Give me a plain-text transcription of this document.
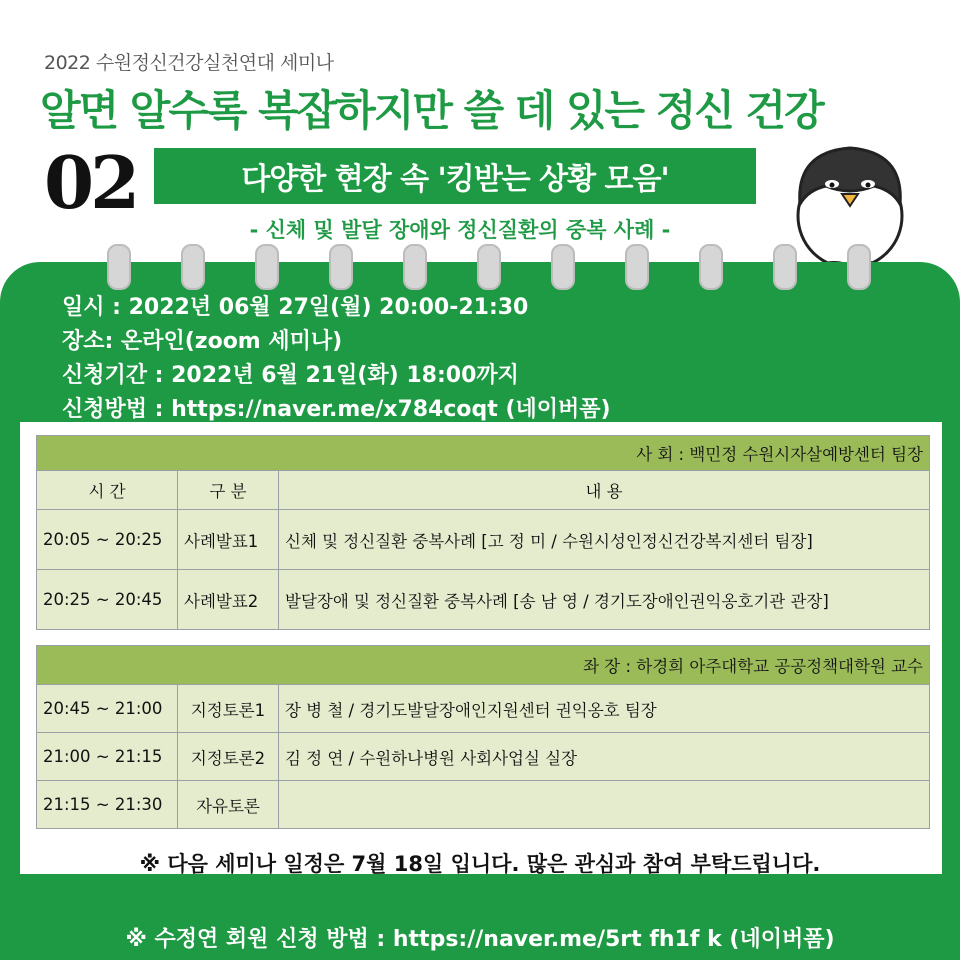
2022 수원정신건강실천연대 세미나
알면 알수록 복잡하지만 쓸 데 있는 정신 건강
02	다양한 현장 속 '킹받는 상황 모음'
- 신체 및 발달 장애와 정신질환의 중복 사례 -
일시 : 2022년 06월 27일(월) 20:00-21:30
장소: 온라인(zoom 세미나)
신청기간 : 2022년 6월 21일(화) 18:00까지
신청방법 : https://naver.me/x784coqt (네이버폼)
사 회 : 백민정 수원시자살예방센터 팀장		
시 간	구 분	내 용
20:05 ~ 20:25	사례발표1	신체 및 정신질환 중복사례 [고 정 미 / 수원시성인정신건강복지센터 팀장]
20:25 ~ 20:45	사례발표2	발달장애 및 정신질환 중복사례 [송 남 영 / 경기도장애인권익옹호기관 관장]
좌 장 : 하경희 아주대학교 공공정책대학원 교수		
20:45 ~ 21:00	지정토론1	장 병 철 / 경기도발달장애인지원센터 권익옹호 팀장
21:00 ~ 21:15	지정토론2	김 정 연 / 수원하나병원 사회사업실 실장
21:15 ~ 21:30	자유토론	
※ 다음 세미나 일정은 7월 18일 입니다. 많은 관심과 참여 부탁드립니다.
※ 수정연 회원 신청 방법 : https://naver.me/5rt fh1f k (네이버폼)
